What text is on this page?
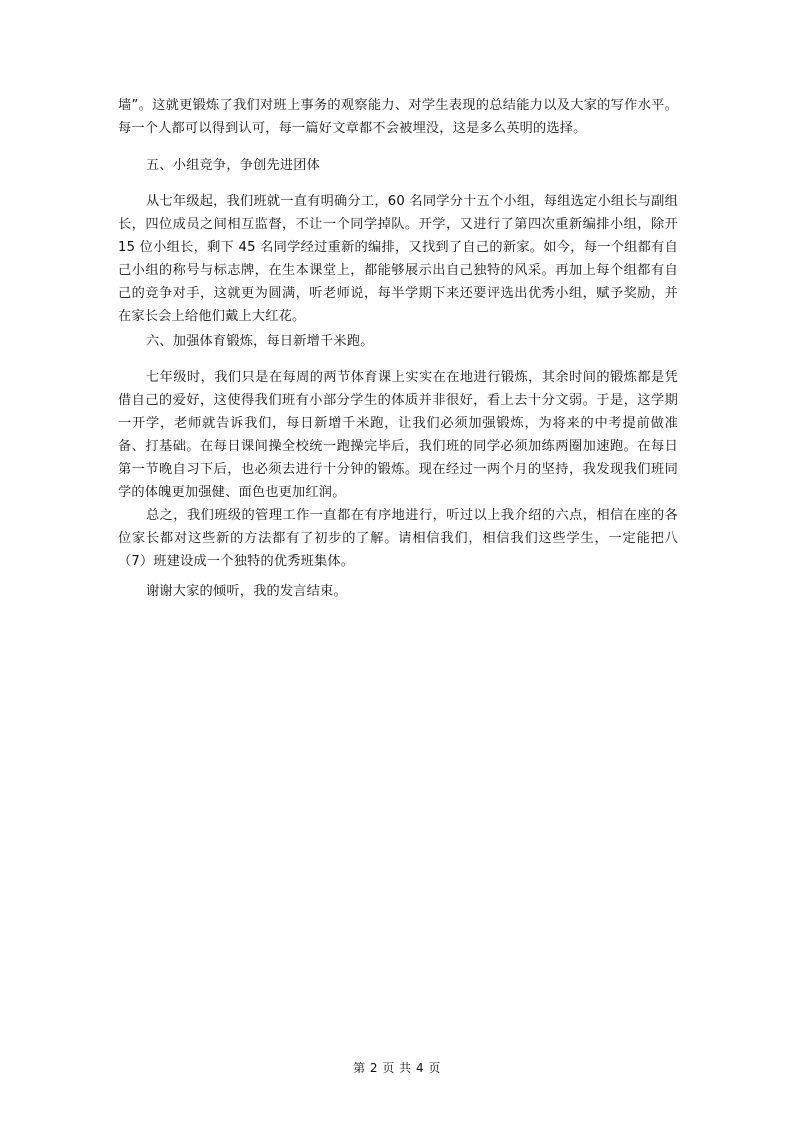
墙”。这就更锻炼了我们对班上事务的观察能力、对学生表现的总结能力以及大家的写作水平。每一个人都可以得到认可，每一篇好文章都不会被埋没，这是多么英明的选择。

五、小组竞争，争创先进团体

从七年级起，我们班就一直有明确分工，60 名同学分十五个小组，每组选定小组长与副组长，四位成员之间相互监督，不让一个同学掉队。开学，又进行了第四次重新编排小组，除开 15 位小组长，剩下 45 名同学经过重新的编排，又找到了自己的新家。如今，每一个组都有自己小组的称号与标志牌，在生本课堂上，都能够展示出自己独特的风采。再加上每个组都有自己的竞争对手，这就更为圆满，听老师说，每半学期下来还要评选出优秀小组，赋予奖励，并在家长会上给他们戴上大红花。

六、加强体育锻炼，每日新增千米跑。

七年级时，我们只是在每周的两节体育课上实实在在地进行锻炼，其余时间的锻炼都是凭借自己的爱好，这使得我们班有小部分学生的体质并非很好，看上去十分文弱。于是，这学期一开学，老师就告诉我们，每日新增千米跑，让我们必须加强锻炼，为将来的中考提前做准备、打基础。在每日课间操全校统一跑操完毕后，我们班的同学必须加练两圈加速跑。在每日第一节晚自习下后，也必须去进行十分钟的锻炼。现在经过一两个月的坚持，我发现我们班同学的体魄更加强健、面色也更加红润。

总之，我们班级的管理工作一直都在有序地进行，听过以上我介绍的六点，相信在座的各位家长都对这些新的方法都有了初步的了解。请相信我们，相信我们这些学生，一定能把八（7）班建设成一个独特的优秀班集体。

谢谢大家的倾听，我的发言结束。

第 2 页 共 4 页
